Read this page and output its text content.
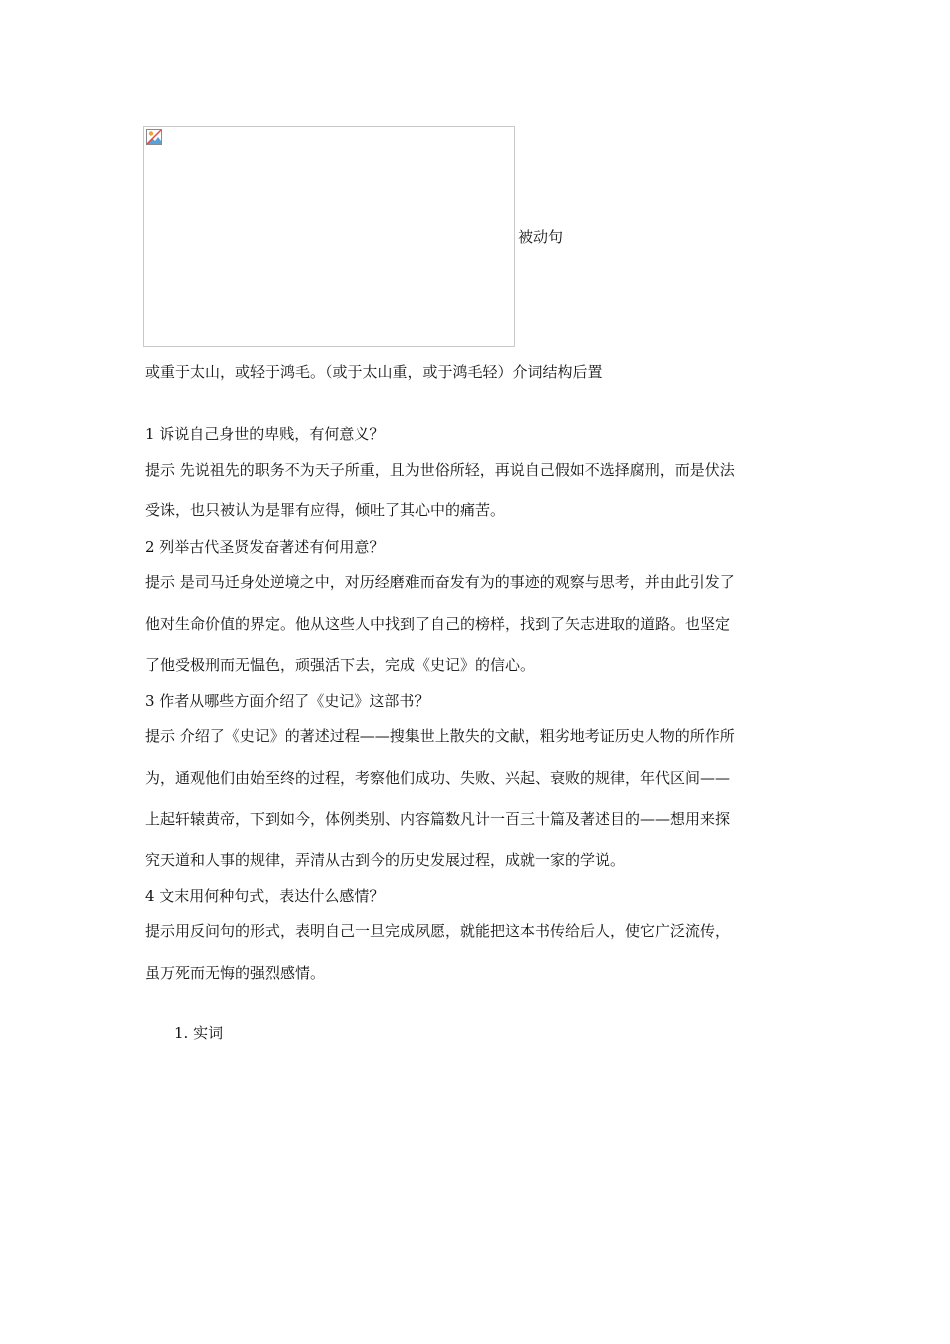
被动句
或重于太山，或轻于鸿毛。（或于太山重，或于鸿毛轻）介词结构后置
1 诉说自己身世的卑贱，有何意义？
提示 先说祖先的职务不为天子所重，且为世俗所轻，再说自己假如不选择腐刑，而是伏法
受诛，也只被认为是罪有应得，倾吐了其心中的痛苦。
2 列举古代圣贤发奋著述有何用意？
提示 是司马迁身处逆境之中，对历经磨难而奋发有为的事迹的观察与思考，并由此引发了
他对生命价值的界定。他从这些人中找到了自己的榜样，找到了矢志进取的道路。也坚定
了他受极刑而无愠色，顽强活下去，完成《史记》的信心。
3 作者从哪些方面介绍了《史记》这部书？
提示 介绍了《史记》的著述过程——搜集世上散失的文献，粗劣地考证历史人物的所作所
为，通观他们由始至终的过程，考察他们成功、失败、兴起、衰败的规律，年代区间——
上起轩辕黄帝，下到如今，体例类别、内容篇数凡计一百三十篇及著述目的——想用来探
究天道和人事的规律，弄清从古到今的历史发展过程，成就一家的学说。
4 文末用何种句式，表达什么感情？
提示用反问句的形式，表明自己一旦完成夙愿，就能把这本书传给后人，使它广泛流传，
虽万死而无悔的强烈感情。
1. 实词
